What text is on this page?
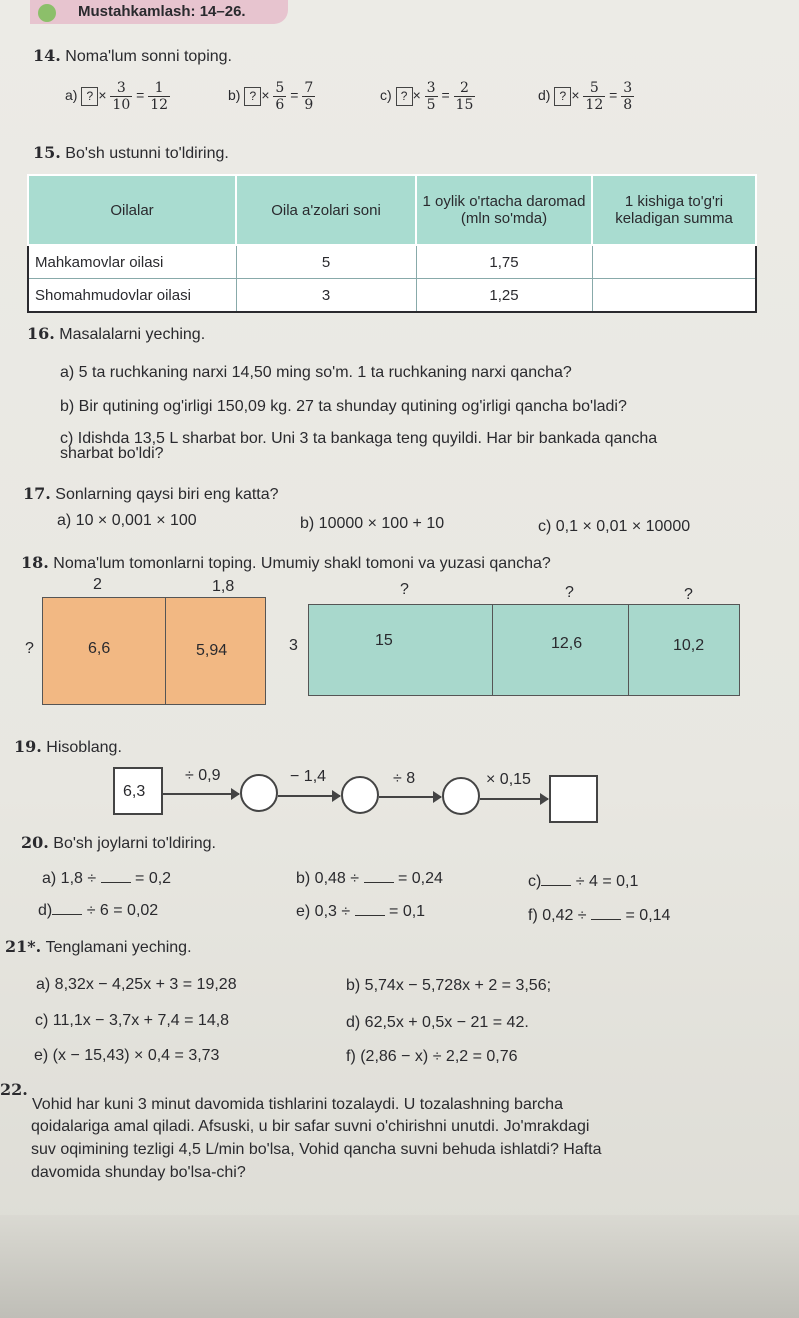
Mustahkamlash: 14–26.
14. Noma'lum sonni toping.
a) ? × $\frac{3}{10} = \frac{1}{12}$	b) ? × $\frac{5}{6} = \frac{7}{9}$	c) ? × $\frac{3}{5} = \frac{2}{15}$	d) ? × $\frac{5}{12} = \frac{3}{8}$
15. Bo'sh ustunni to'ldiring.
Oilalar	Oila a'zolari soni	1 oylik o'rtacha daromad (mln so'mda)	1 kishiga to'g'ri keladigan summa
Mahkamovlar oilasi	5	1,75	
Shomahmudovlar oilasi	3	1,25	
16. Masalalarni yeching.
a) 5 ta ruchkaning narxi 14,50 ming so'm. 1 ta ruchkaning narxi qancha?
b) Bir qutining og'irligi 150,09 kg. 27 ta shunday qutining og'irligi qancha bo'ladi?
c) Idishda 13,5 L sharbat bor. Uni 3 ta bankaga teng quyildi. Har bir bankada qancha
sharbat bo'ldi?
17. Sonlarning qaysi biri eng katta?
a) 10 × 0,001 × 100	b) 10000 × 100 + 10	c) 0,1 × 0,01 × 10000
18. Noma'lum tomonlarni toping. Umumiy shakl tomoni va yuzasi qancha?
2	1,8
?	6,6	5,94
?	?	?
3	15	12,6	10,2
19. Hisoblang.
6,3
÷ 0,9	− 1,4	÷ 8	× 0,15
20. Bo'sh joylarni to'ldiring.
a) 1,8 ÷ = 0,2	b) 0,48 ÷ = 0,24	c) ÷ 4 = 0,1
d) ÷ 6 = 0,02	e) 0,3 ÷ = 0,1	f) 0,42 ÷ = 0,14
21*. Tenglamani yeching.
a) 8,32x − 4,25x + 3 = 19,28	b) 5,74x − 5,728x + 2 = 3,56;
c) 11,1x − 3,7x + 7,4 = 14,8	d) 62,5x + 0,5x − 21 = 42.
e) (x − 15,43) × 0,4 = 3,73	f) (2,86 − x) ÷ 2,2 = 0,76
22.
Vohid har kuni 3 minut davomida tishlarini tozalaydi. U tozalashning barcha
qoidalariga amal qiladi. Afsuski, u bir safar suvni o'chirishni unutdi. Jo'mrakdagi
suv oqimining tezligi 4,5 L/min bo'lsa, Vohid qancha suvni behuda ishlatdi? Hafta
davomida shunday bo'lsa-chi?
